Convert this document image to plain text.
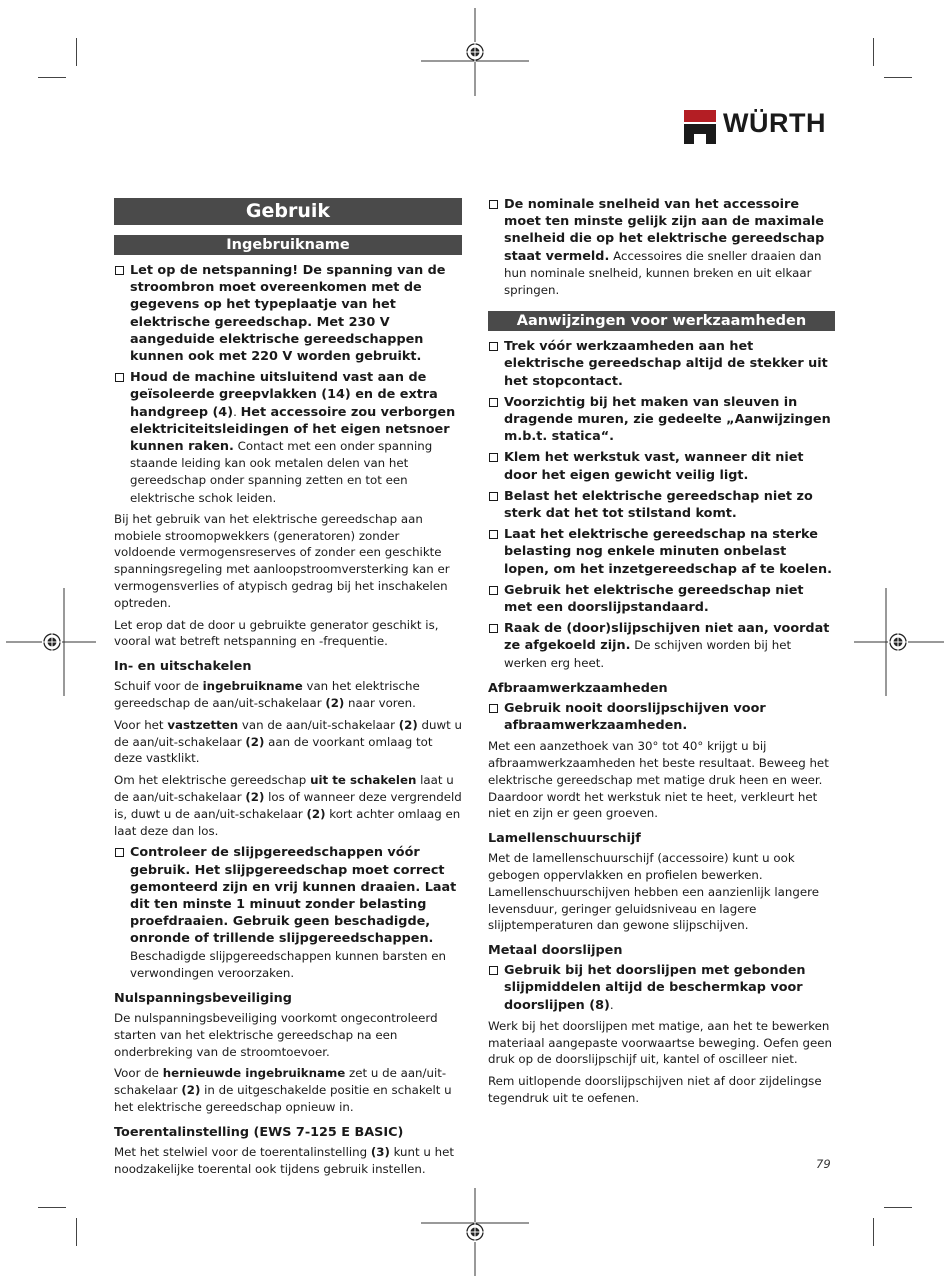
WÜRTH
Gebruik
Ingebruikname
Let op de netspanning! De spanning van de stroombron moet overeenkomen met de gegevens op het typeplaatje van het elektrische gereedschap. Met 230 V aangeduide elektrische gereedschappen kunnen ook met 220 V worden gebruikt.
Houd de machine uitsluitend vast aan de geïsoleerde greepvlakken (14) en de extra handgreep (4). Het accessoire zou verborgen elektriciteitsleidingen of het eigen netsnoer kunnen raken. Contact met een onder spanning staande leiding kan ook metalen delen van het gereedschap onder spanning zetten en tot een elektrische schok leiden.

Bij het gebruik van het elektrische gereedschap aan mobiele stroomopwekkers (generatoren) zonder voldoende vermogensreserves of zonder een geschikte spanningsregeling met aanloopstroomversterking kan er vermogensverlies of atypisch gedrag bij het inschakelen optreden.

Let erop dat de door u gebruikte generator geschikt is, vooral wat betreft netspanning en -frequentie.

In- en uitschakelen

Schuif voor de ingebruikname van het elektrische gereedschap de aan/uit-schakelaar (2) naar voren.

Voor het vastzetten van de aan/uit-schakelaar (2) duwt u de aan/uit-schakelaar (2) aan de voorkant omlaag tot deze vastklikt.

Om het elektrische gereedschap uit te schakelen laat u de aan/uit-schakelaar (2) los of wanneer deze vergrendeld is, duwt u de aan/uit-schakelaar (2) kort achter omlaag en laat deze dan los.

Controleer de slijpgereedschappen vóór gebruik. Het slijpgereedschap moet correct gemonteerd zijn en vrij kunnen draaien. Laat dit ten minste 1 minuut zonder belasting proefdraaien. Gebruik geen beschadigde, onronde of trillende slijpgereedschappen. Beschadigde slijpgereedschappen kunnen barsten en verwondingen veroorzaken.
Nulspanningsbeveiliging

De nulspanningsbeveiliging voorkomt ongecontroleerd starten van het elektrische gereedschap na een onderbreking van de stroomtoevoer.

Voor de hernieuwde ingebruikname zet u de aan/uit-schakelaar (2) in de uitgeschakelde positie en schakelt u het elektrische gereedschap opnieuw in.

Toerentalinstelling (EWS 7-125 E BASIC)

Met het stelwiel voor de toerentalinstelling (3) kunt u het noodzakelijke toerental ook tijdens gebruik instellen.

De nominale snelheid van het accessoire moet ten minste gelijk zijn aan de maximale snelheid die op het elektrische gereedschap staat vermeld. Accessoires die sneller draaien dan hun nominale snelheid, kunnen breken en uit elkaar springen.
Aanwijzingen voor werkzaamheden
Trek vóór werkzaamheden aan het elektrische gereedschap altijd de stekker uit het stopcontact.
Voorzichtig bij het maken van sleuven in dragende muren, zie gedeelte „Aanwijzingen m.b.t. statica“.
Klem het werkstuk vast, wanneer dit niet door het eigen gewicht veilig ligt.
Belast het elektrische gereedschap niet zo sterk dat het tot stilstand komt.
Laat het elektrische gereedschap na sterke belasting nog enkele minuten onbelast lopen, om het inzetgereedschap af te koelen.
Gebruik het elektrische gereedschap niet met een doorslijpstandaard.
Raak de (door)slijpschijven niet aan, voordat ze afgekoeld zijn. De schijven worden bij het werken erg heet.
Afbraamwerkzaamheden
Gebruik nooit doorslijpschijven voor afbraamwerkzaamheden.

Met een aanzethoek van 30° tot 40° krijgt u bij afbraamwerkzaamheden het beste resultaat. Beweeg het elektrische gereedschap met matige druk heen en weer. Daardoor wordt het werkstuk niet te heet, verkleurt het niet en zijn er geen groeven.

Lamellenschuurschijf

Met de lamellenschuurschijf (accessoire) kunt u ook gebogen oppervlakken en profielen bewerken. Lamellenschuurschijven hebben een aanzienlijk langere levensduur, geringer geluidsniveau en lagere slijptemperaturen dan gewone slijpschijven.

Metaal doorslijpen
Gebruik bij het doorslijpen met gebonden slijpmiddelen altijd de beschermkap voor doorslijpen (8).

Werk bij het doorslijpen met matige, aan het te bewerken materiaal aangepaste voorwaartse beweging. Oefen geen druk op de doorslijpschijf uit, kantel of oscilleer niet.

Rem uitlopende doorslijpschijven niet af door zijdelingse tegendruk uit te oefenen.

79
